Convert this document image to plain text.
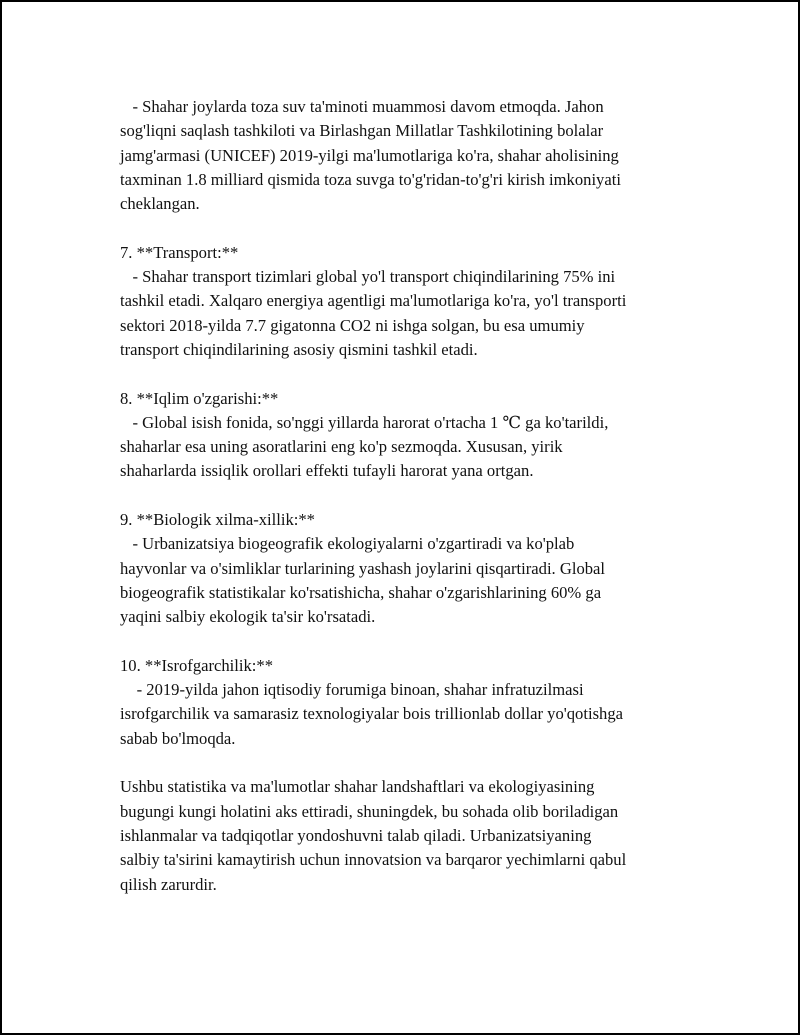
- Shahar joylarda toza suv ta'minoti muammosi davom etmoqda. Jahon
sog'liqni saqlash tashkiloti va Birlashgan Millatlar Tashkilotining bolalar
jamg'armasi (UNICEF) 2019-yilgi ma'lumotlariga ko'ra, shahar aholisining
taxminan 1.8 milliard qismida toza suvga to'g'ridan-to'g'ri kirish imkoniyati
cheklangan.
7. **Transport:**
- Shahar transport tizimlari global yo'l transport chiqindilarining 75% ini
tashkil etadi. Xalqaro energiya agentligi ma'lumotlariga ko'ra, yo'l transporti
sektori 2018-yilda 7.7 gigatonna CO2 ni ishga solgan, bu esa umumiy
transport chiqindilarining asosiy qismini tashkil etadi.
8. **Iqlim o'zgarishi:**
- Global isish fonida, so'nggi yillarda harorat o'rtacha 1 ℃ ga ko'tarildi,
shaharlar esa uning asoratlarini eng ko'p sezmoqda. Xususan, yirik
shaharlarda issiqlik orollari effekti tufayli harorat yana ortgan.
9. **Biologik xilma-xillik:**
- Urbanizatsiya biogeografik ekologiyalarni o'zgartiradi va ko'plab
hayvonlar va o'simliklar turlarining yashash joylarini qisqartiradi. Global
biogeografik statistikalar ko'rsatishicha, shahar o'zgarishlarining 60% ga
yaqini salbiy ekologik ta'sir ko'rsatadi.
10. **Isrofgarchilik:**
- 2019-yilda jahon iqtisodiy forumiga binoan, shahar infratuzilmasi
isrofgarchilik va samarasiz texnologiyalar bois trillionlab dollar yo'qotishga
sabab bo'lmoqda.
Ushbu statistika va ma'lumotlar shahar landshaftlari va ekologiyasining
bugungi kungi holatini aks ettiradi, shuningdek, bu sohada olib boriladigan
ishlanmalar va tadqiqotlar yondoshuvni talab qiladi. Urbanizatsiyaning
salbiy ta'sirini kamaytirish uchun innovatsion va barqaror yechimlarni qabul
qilish zarurdir.
